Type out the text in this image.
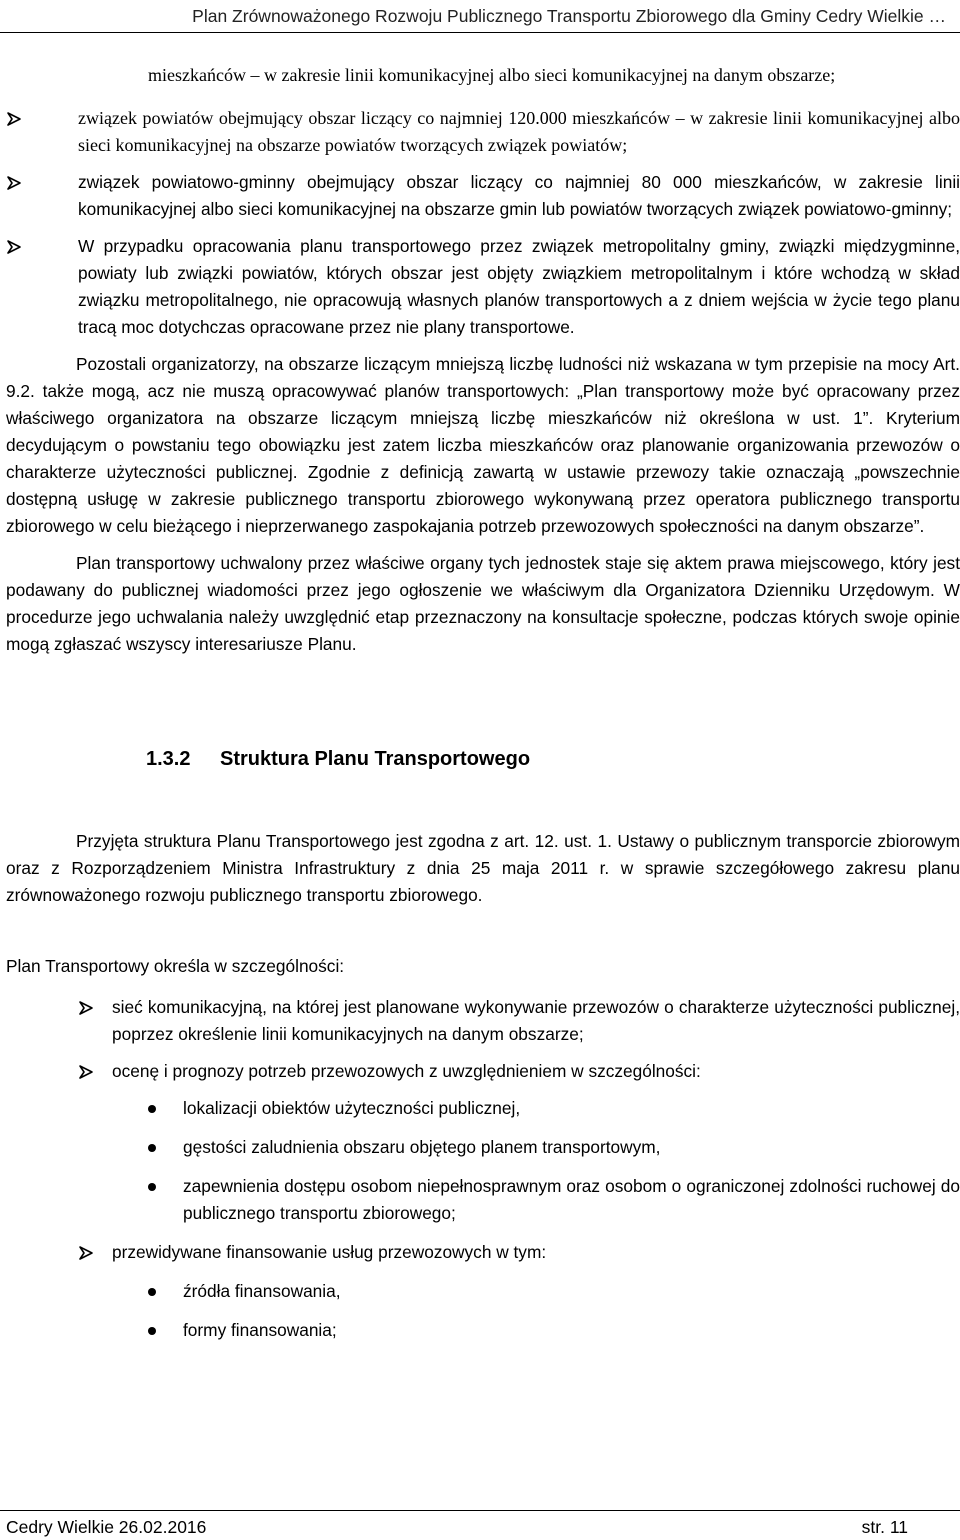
Plan Zrównoważonego Rozwoju Publicznego Transportu Zbiorowego dla Gminy Cedry Wielkie …
mieszkańców – w zakresie linii komunikacyjnej albo sieci komunikacyjnej na danym obszarze;
związek powiatów obejmujący obszar liczący co najmniej 120.000 mieszkańców – w zakresie linii komunikacyjnej albo sieci komunikacyjnej na obszarze powiatów tworzących związek powiatów;
związek powiatowo-gminny obejmujący obszar liczący co najmniej 80 000 mieszkańców, w zakresie linii komunikacyjnej albo sieci komunikacyjnej na obszarze gmin lub powiatów tworzących związek powiatowo-gminny;
W przypadku opracowania planu transportowego przez związek metropolitalny gminy, związki międzygminne, powiaty lub związki powiatów, których obszar jest objęty związkiem metropolitalnym i które wchodzą w skład związku metropolitalnego, nie opracowują własnych planów transportowych a z dniem wejścia w życie tego planu tracą moc dotychczas opracowane przez nie plany transportowe.
Pozostali organizatorzy, na obszarze liczącym mniejszą liczbę ludności niż wskazana w tym przepisie na mocy Art. 9.2. także mogą, acz nie muszą opracowywać planów transportowych: „Plan transportowy może być opracowany przez właściwego organizatora na obszarze liczącym mniejszą liczbę mieszkańców niż określona w ust. 1”. Kryterium decydującym o powstaniu tego obowiązku jest zatem liczba mieszkańców oraz planowanie organizowania przewozów o charakterze użyteczności publicznej. Zgodnie z definicją zawartą w ustawie przewozy takie oznaczają „powszechnie dostępną usługę w zakresie publicznego transportu zbiorowego wykonywaną przez operatora publicznego transportu zbiorowego w celu bieżącego i nieprzerwanego zaspokajania potrzeb przewozowych społeczności na danym obszarze”.
Plan transportowy uchwalony przez właściwe organy tych jednostek staje się aktem prawa miejscowego, który jest podawany do publicznej wiadomości przez jego ogłoszenie we właściwym dla Organizatora Dzienniku Urzędowym. W procedurze jego uchwalania należy uwzględnić etap przeznaczony na konsultacje społeczne, podczas których swoje opinie mogą zgłaszać wszyscy interesariusze Planu.
1.3.2 Struktura Planu Transportowego
Przyjęta struktura Planu Transportowego jest zgodna z art. 12. ust. 1. Ustawy o publicznym transporcie zbiorowym oraz z Rozporządzeniem Ministra Infrastruktury z dnia 25 maja 2011 r. w sprawie szczegółowego zakresu planu zrównoważonego rozwoju publicznego transportu zbiorowego.
Plan Transportowy określa w szczególności:
sieć komunikacyjną, na której jest planowane wykonywanie przewozów o charakterze użyteczności publicznej, poprzez określenie linii komunikacyjnych na danym obszarze;
ocenę i prognozy potrzeb przewozowych z uwzględnieniem w szczególności:
lokalizacji obiektów użyteczności publicznej,
gęstości zaludnienia obszaru objętego planem transportowym,
zapewnienia dostępu osobom niepełnosprawnym oraz osobom o ograniczonej zdolności ruchowej do publicznego transportu zbiorowego;
przewidywane finansowanie usług przewozowych w tym:
źródła finansowania,
formy finansowania;
Cedry Wielkie 26.02.2016	str. 11
